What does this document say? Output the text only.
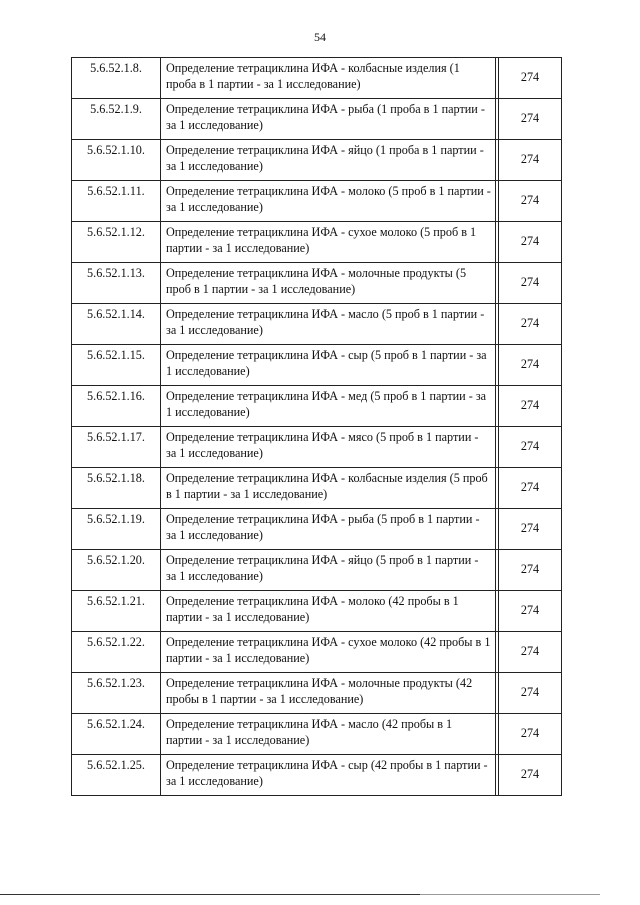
54
5.6.52.1.8.	Определение тетрациклина ИФА - колбасные изделия (1 проба в 1 партии - за 1 исследование)		274
5.6.52.1.9.	Определение тетрациклина ИФА - рыба (1 проба в 1 партии - за 1 исследование)		274
5.6.52.1.10.	Определение тетрациклина ИФА - яйцо (1 проба в 1 партии - за 1 исследование)		274
5.6.52.1.11.	Определение тетрациклина ИФА - молоко (5 проб в 1 партии - за 1 исследование)		274
5.6.52.1.12.	Определение тетрациклина ИФА - сухое молоко (5 проб в 1 партии - за 1 исследование)		274
5.6.52.1.13.	Определение тетрациклина ИФА - молочные продукты (5 проб в 1 партии - за 1 исследование)		274
5.6.52.1.14.	Определение тетрациклина ИФА - масло (5 проб в 1 партии - за 1 исследование)		274
5.6.52.1.15.	Определение тетрациклина ИФА - сыр (5 проб в 1 партии - за 1 исследование)		274
5.6.52.1.16.	Определение тетрациклина ИФА - мед (5 проб в 1 партии - за 1 исследование)		274
5.6.52.1.17.	Определение тетрациклина ИФА - мясо (5 проб в 1 партии - за 1 исследование)		274
5.6.52.1.18.	Определение тетрациклина ИФА - колбасные изделия (5 проб в 1 партии - за 1 исследование)		274
5.6.52.1.19.	Определение тетрациклина ИФА - рыба (5 проб в 1 партии - за 1 исследование)		274
5.6.52.1.20.	Определение тетрациклина ИФА - яйцо (5 проб в 1 партии - за 1 исследование)		274
5.6.52.1.21.	Определение тетрациклина ИФА - молоко (42 пробы в 1 партии - за 1 исследование)		274
5.6.52.1.22.	Определение тетрациклина ИФА - сухое молоко (42 пробы в 1 партии - за 1 исследование)		274
5.6.52.1.23.	Определение тетрациклина ИФА - молочные продукты (42 пробы в 1 партии - за 1 исследование)		274
5.6.52.1.24.	Определение тетрациклина ИФА - масло (42 пробы в 1 партии - за 1 исследование)		274
5.6.52.1.25.	Определение тетрациклина ИФА - сыр (42 пробы в 1 партии - за 1 исследование)		274
